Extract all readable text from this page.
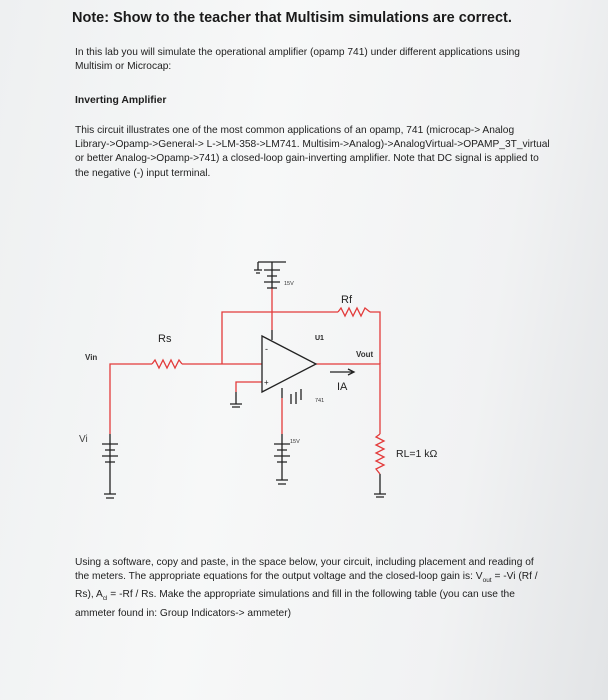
Note: Show to the teacher that Multisim simulations are correct.
In this lab you will simulate the operational amplifier (opamp 741) under different applications using
Multisim or Microcap:
Inverting Amplifier
This circuit illustrates one of the most common applications of an opamp, 741 (microcap-> Analog
Library->Opamp->General-> L->LM-358->LM741. Multisim->Analog)->AnalogVirtual->OPAMP_3T_virtual
or better Analog->Opamp->741) a closed-loop gain-inverting amplifier. Note that DC signal is applied to
the negative (-) input terminal.
15V
15V
Rf
Rs	U1
741
Vin	Vout
IA
Vi
RL=1 kΩ
-
+
Using a software, copy and paste, in the space below, your circuit, including placement and reading of
the meters. The appropriate equations for the output voltage and the closed-loop gain is: $V_{out} = -Vi$ (Rf /
Rs), $A_{cl} = -Rf / Rs$. Make the appropriate simulations and fill in the following table (you can use the
ammeter found in: Group Indicators-> ammeter)
